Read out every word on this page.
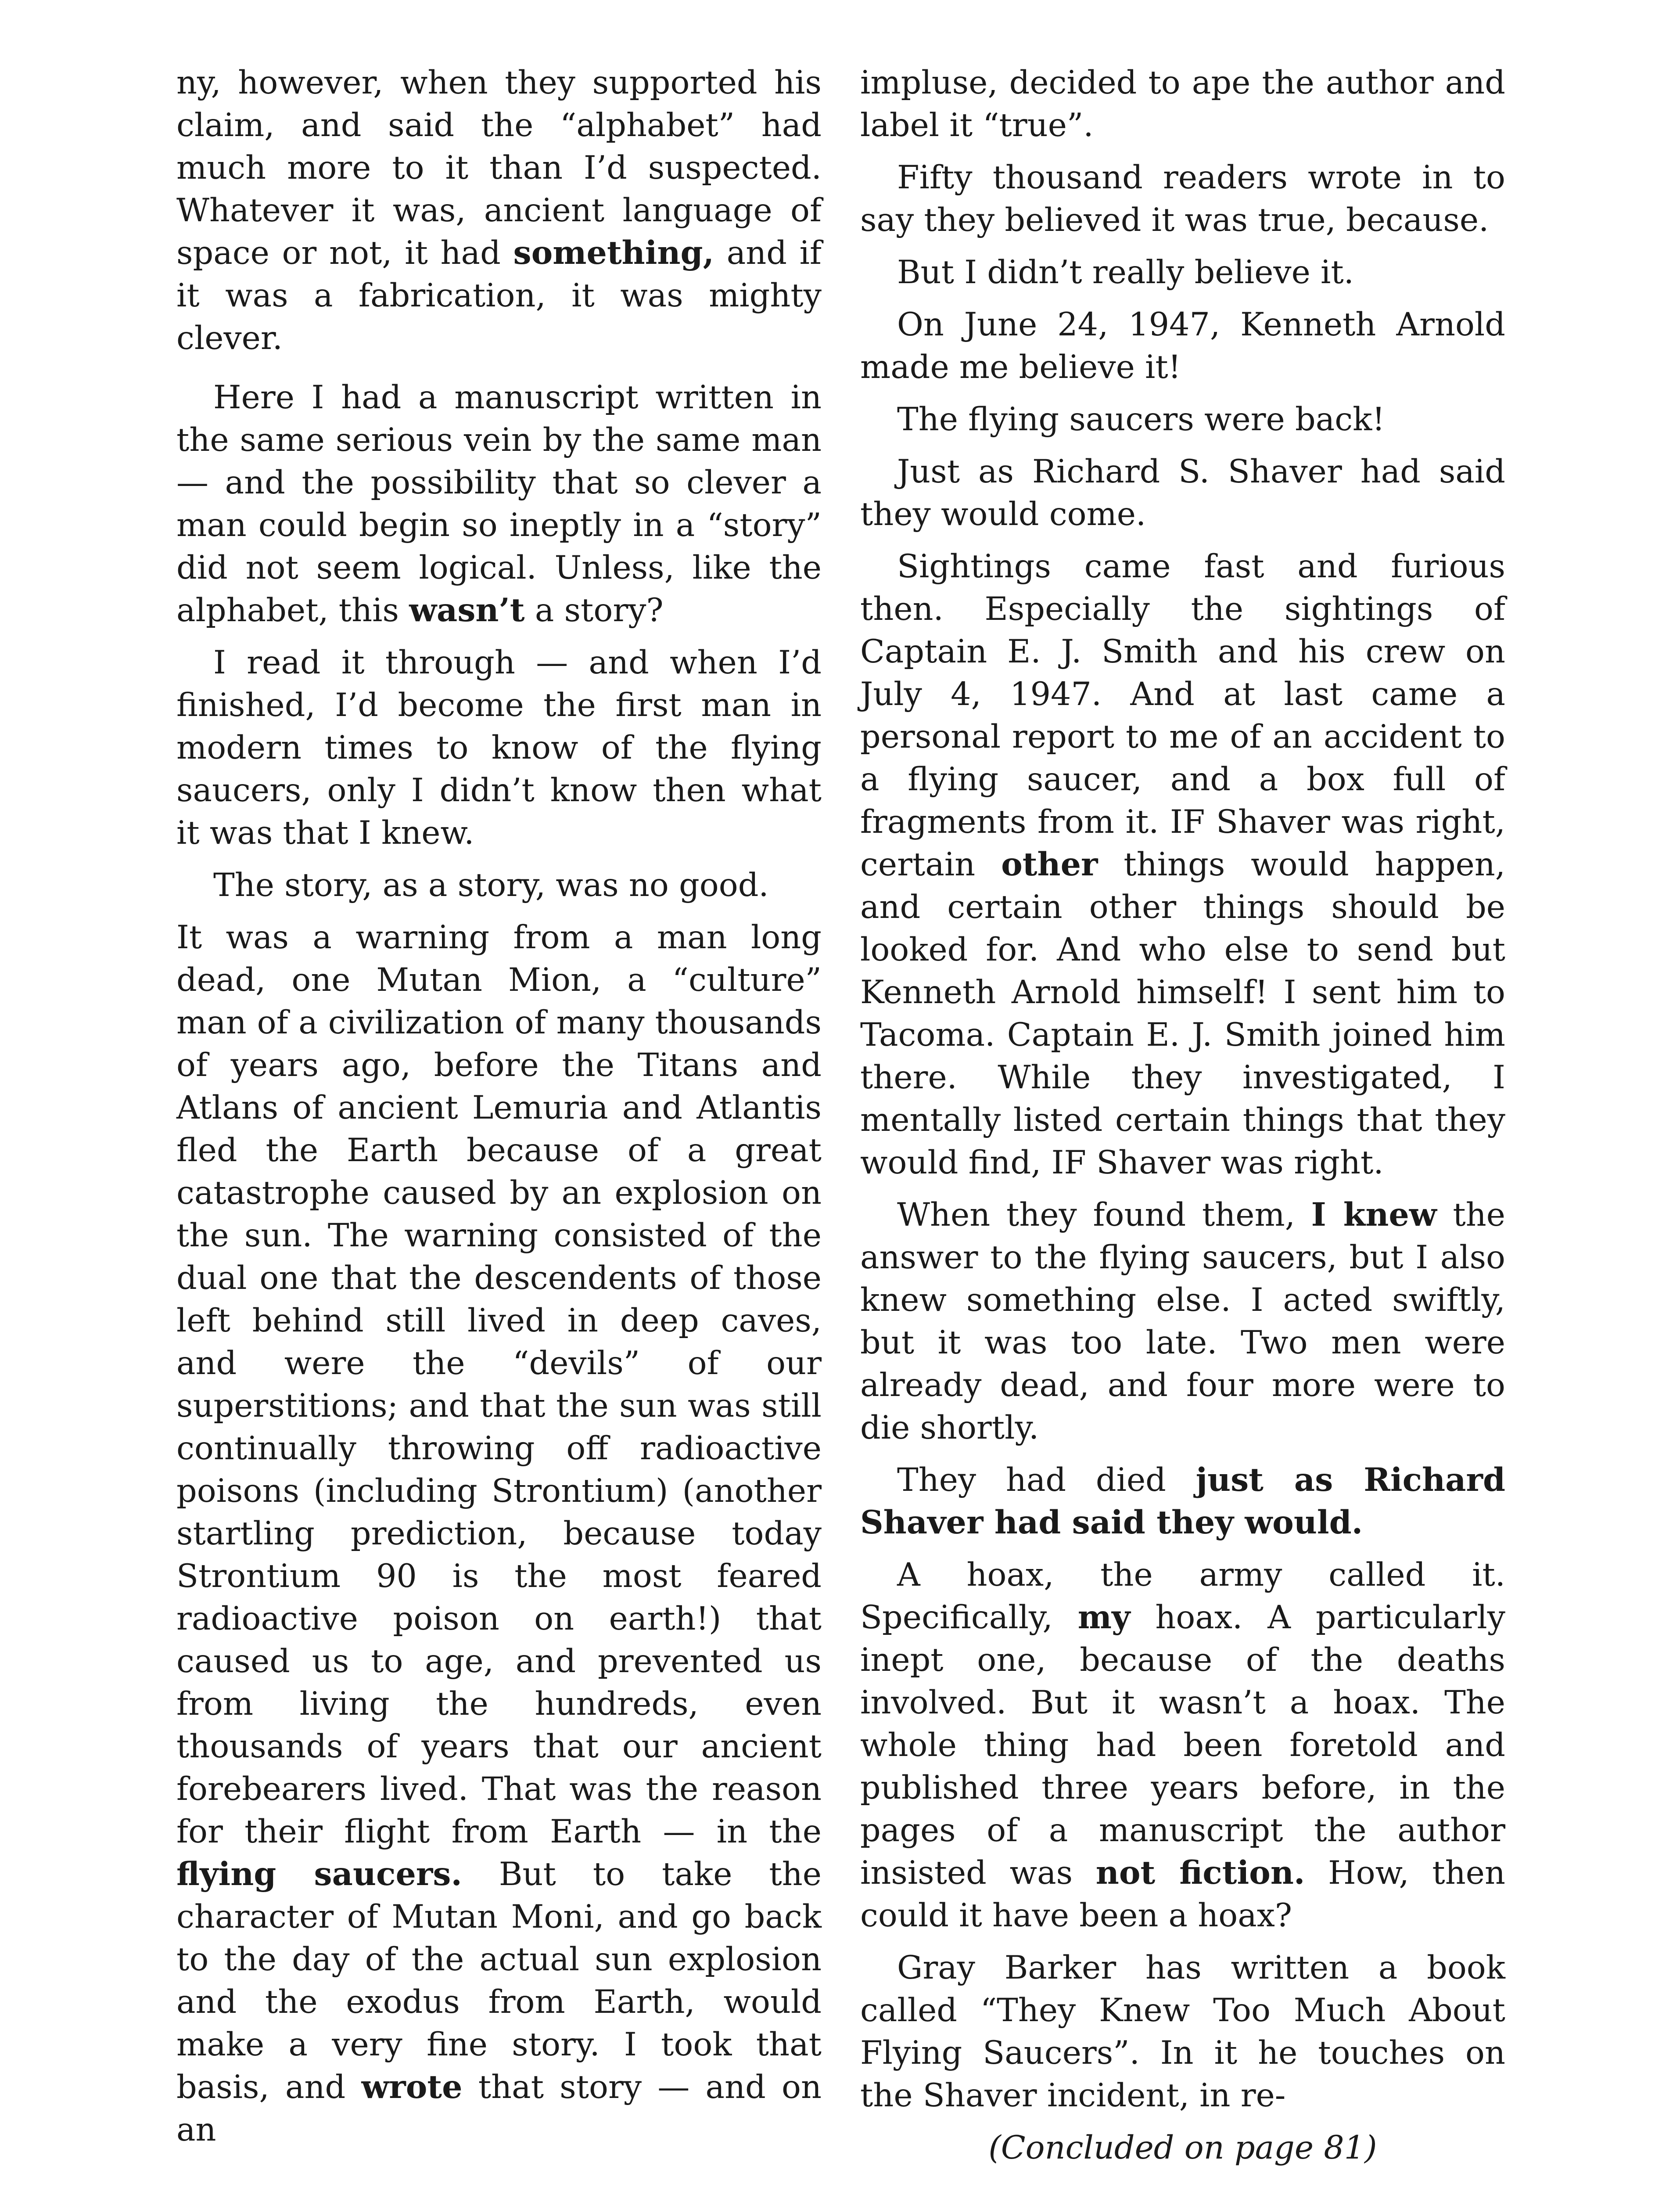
ny, however, when they supported his claim, and said the “alphabet” had much more to it than I’d suspected. Whatever it was, ancient language of space or not, it had something, and if it was a fabrication, it was mighty clever.

Here I had a manuscript written in the same serious vein by the same man — and the possibility that so clever a man could begin so ineptly in a “story” did not seem logical. Unless, like the alphabet, this wasn’t a story?

I read it through — and when I’d finished, I’d become the first man in modern times to know of the flying saucers, only I didn’t know then what it was that I knew.

The story, as a story, was no good.

It was a warning from a man long dead, one Mutan Mion, a “culture” man of a civilization of many thousands of years ago, before the Titans and Atlans of ancient Lemuria and Atlantis fled the Earth because of a great catastrophe caused by an explosion on the sun. The warning consisted of the dual one that the descendents of those left behind still lived in deep caves, and were the “devils” of our superstitions; and that the sun was still continually throwing off radioactive poisons (including Strontium) (another startling prediction, because today Strontium 90 is the most feared radioactive poison on earth!) that caused us to age, and prevented us from living the hundreds, even thousands of years that our ancient forebearers lived. That was the reason for their flight from Earth — in the flying saucers. But to take the character of Mutan Moni, and go back to the day of the actual sun explosion and the exodus from Earth, would make a very fine story. I took that basis, and wrote that story — and on an

impluse, decided to ape the author and label it “true”.

Fifty thousand readers wrote in to say they believed it was true, because.

But I didn’t really believe it.

On June 24, 1947, Kenneth Arnold made me believe it!

The flying saucers were back!

Just as Richard S. Shaver had said they would come.

Sightings came fast and furious then. Especially the sightings of Captain E. J. Smith and his crew on July 4, 1947. And at last came a personal report to me of an accident to a flying saucer, and a box full of fragments from it. IF Shaver was right, certain other things would happen, and certain other things should be looked for. And who else to send but Kenneth Arnold himself! I sent him to Tacoma. Captain E. J. Smith joined him there. While they investigated, I mentally listed certain things that they would find, IF Shaver was right.

When they found them, I knew the answer to the flying saucers, but I also knew something else. I acted swiftly, but it was too late. Two men were already dead, and four more were to die shortly.

They had died just as Richard Shaver had said they would.

A hoax, the army called it. Specifically, my hoax. A particularly inept one, because of the deaths involved. But it wasn’t a hoax. The whole thing had been foretold and published three years before, in the pages of a manuscript the author insisted was not fiction. How, then could it have been a hoax?

Gray Barker has written a book called “They Knew Too Much About Flying Saucers”. In it he touches on the Shaver incident, in re-

(Concluded on page 81)
